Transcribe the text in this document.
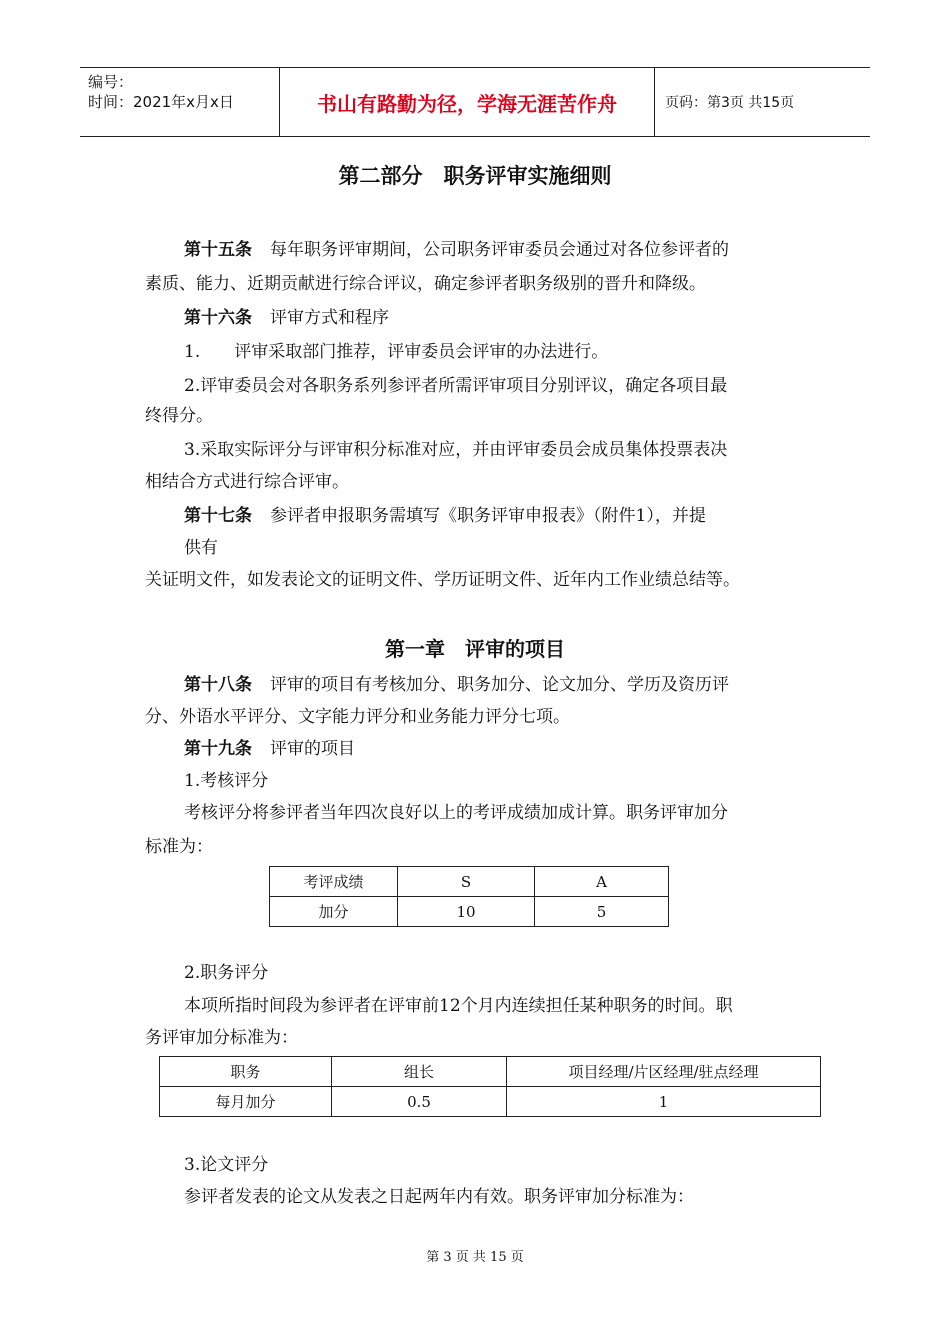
编号：
时间：2021年x月x日	书山有路勤为径，学海无涯苦作舟	页码：第3页 共15页
第二部分　职务评审实施细则
第十五条 每年职务评审期间，公司职务评审委员会通过对各位参评者的
素质、能力、近期贡献进行综合评议，确定参评者职务级别的晋升和降级。
第十六条 评审方式和程序
1.　　评审采取部门推荐，评审委员会评审的办法进行。
2.评审委员会对各职务系列参评者所需评审项目分别评议，确定各项目最
终得分。
3.采取实际评分与评审积分标准对应，并由评审委员会成员集体投票表决
相结合方式进行综合评审。
第十七条 参评者申报职务需填写《职务评审申报表》（附件1），并提
供有
关证明文件，如发表论文的证明文件、学历证明文件、近年内工作业绩总结等。
第一章　评审的项目
第十八条 评审的项目有考核加分、职务加分、论文加分、学历及资历评
分、外语水平评分、文字能力评分和业务能力评分七项。
第十九条 评审的项目
1.考核评分
考核评分将参评者当年四次良好以上的考评成绩加成计算。职务评审加分
标准为：
考评成绩	S	A
加分	10	5
2.职务评分
本项所指时间段为参评者在评审前12个月内连续担任某种职务的时间。职
务评审加分标准为：
职务	组长	项目经理/片区经理/驻点经理
每月加分	0.5	1
3.论文评分
参评者发表的论文从发表之日起两年内有效。职务评审加分标准为：
第 3 页 共 15 页
